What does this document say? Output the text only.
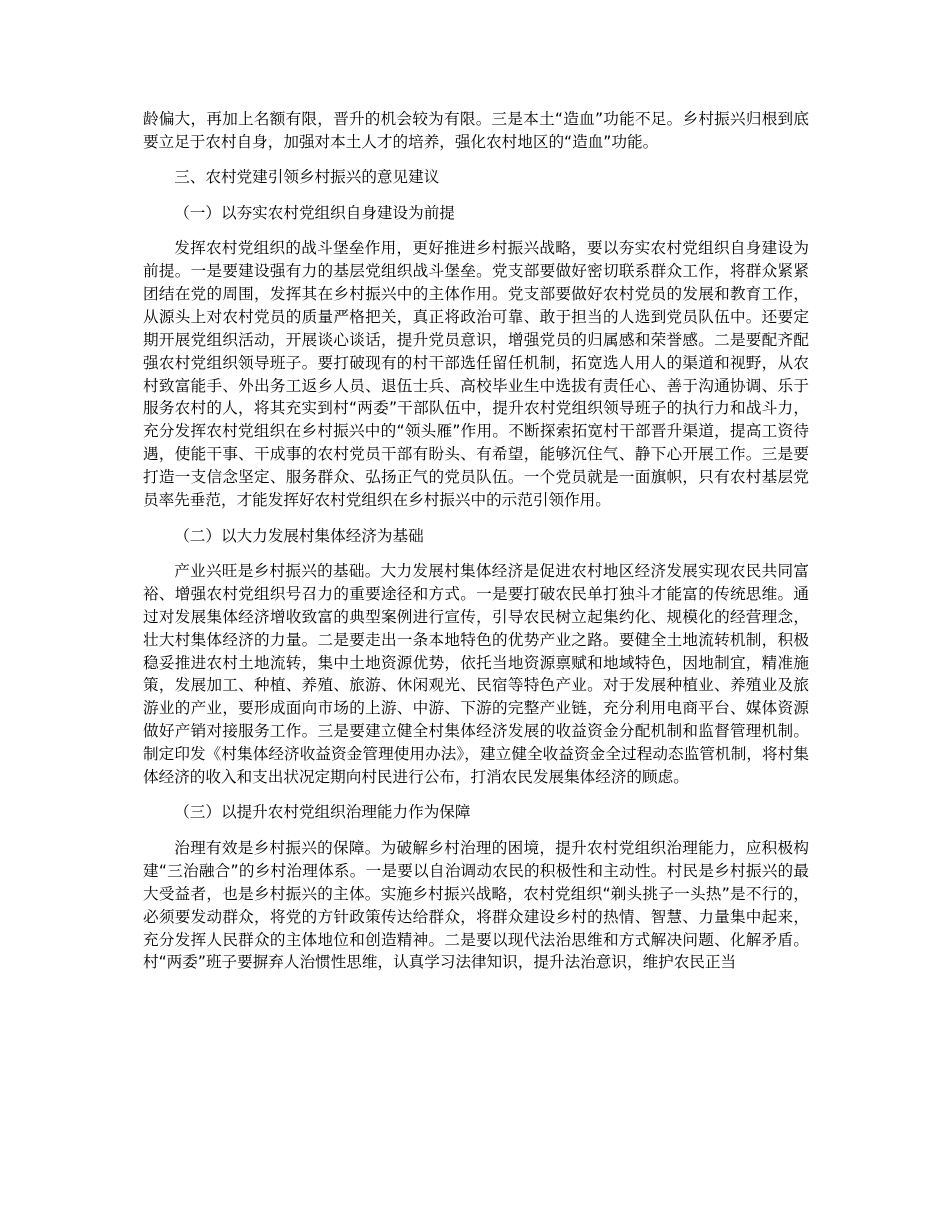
龄偏大，再加上名额有限，晋升的机会较为有限。三是本土“造血”功能不足。乡村振兴归根到底要立足于农村自身，加强对本土人才的培养，强化农村地区的“造血”功能。

三、农村党建引领乡村振兴的意见建议

（一）以夯实农村党组织自身建设为前提

发挥农村党组织的战斗堡垒作用，更好推进乡村振兴战略，要以夯实农村党组织自身建设为前提。一是要建设强有力的基层党组织战斗堡垒。党支部要做好密切联系群众工作，将群众紧紧团结在党的周围，发挥其在乡村振兴中的主体作用。党支部要做好农村党员的发展和教育工作，从源头上对农村党员的质量严格把关，真正将政治可靠、敢于担当的人选到党员队伍中。还要定期开展党组织活动，开展谈心谈话，提升党员意识，增强党员的归属感和荣誉感。二是要配齐配强农村党组织领导班子。要打破现有的村干部选任留任机制，拓宽选人用人的渠道和视野，从农村致富能手、外出务工返乡人员、退伍士兵、高校毕业生中选拔有责任心、善于沟通协调、乐于服务农村的人，将其充实到村“两委”干部队伍中，提升农村党组织领导班子的执行力和战斗力，充分发挥农村党组织在乡村振兴中的“领头雁”作用。不断探索拓宽村干部晋升渠道，提高工资待遇，使能干事、干成事的农村党员干部有盼头、有希望，能够沉住气、静下心开展工作。三是要打造一支信念坚定、服务群众、弘扬正气的党员队伍。一个党员就是一面旗帜，只有农村基层党员率先垂范，才能发挥好农村党组织在乡村振兴中的示范引领作用。

（二）以大力发展村集体经济为基础

产业兴旺是乡村振兴的基础。大力发展村集体经济是促进农村地区经济发展实现农民共同富裕、增强农村党组织号召力的重要途径和方式。一是要打破农民单打独斗才能富的传统思维。通过对发展集体经济增收致富的典型案例进行宣传，引导农民树立起集约化、规模化的经营理念，壮大村集体经济的力量。二是要走出一条本地特色的优势产业之路。要健全土地流转机制，积极稳妥推进农村土地流转，集中土地资源优势，依托当地资源禀赋和地域特色，因地制宜，精准施策，发展加工、种植、养殖、旅游、休闲观光、民宿等特色产业。对于发展种植业、养殖业及旅游业的产业，要形成面向市场的上游、中游、下游的完整产业链，充分利用电商平台、媒体资源做好产销对接服务工作。三是要建立健全村集体经济发展的收益资金分配机制和监督管理机制。制定印发《村集体经济收益资金管理使用办法》，建立健全收益资金全过程动态监管机制，将村集体经济的收入和支出状况定期向村民进行公布，打消农民发展集体经济的顾虑。

（三）以提升农村党组织治理能力作为保障

治理有效是乡村振兴的保障。为破解乡村治理的困境，提升农村党组织治理能力，应积极构建“三治融合”的乡村治理体系。一是要以自治调动农民的积极性和主动性。村民是乡村振兴的最大受益者，也是乡村振兴的主体。实施乡村振兴战略，农村党组织“剃头挑子一头热”是不行的，必须要发动群众，将党的方针政策传达给群众，将群众建设乡村的热情、智慧、力量集中起来，充分发挥人民群众的主体地位和创造精神。二是要以现代法治思维和方式解决问题、化解矛盾。村“两委”班子要摒弃人治惯性思维，认真学习法律知识，提升法治意识，维护农民正当
